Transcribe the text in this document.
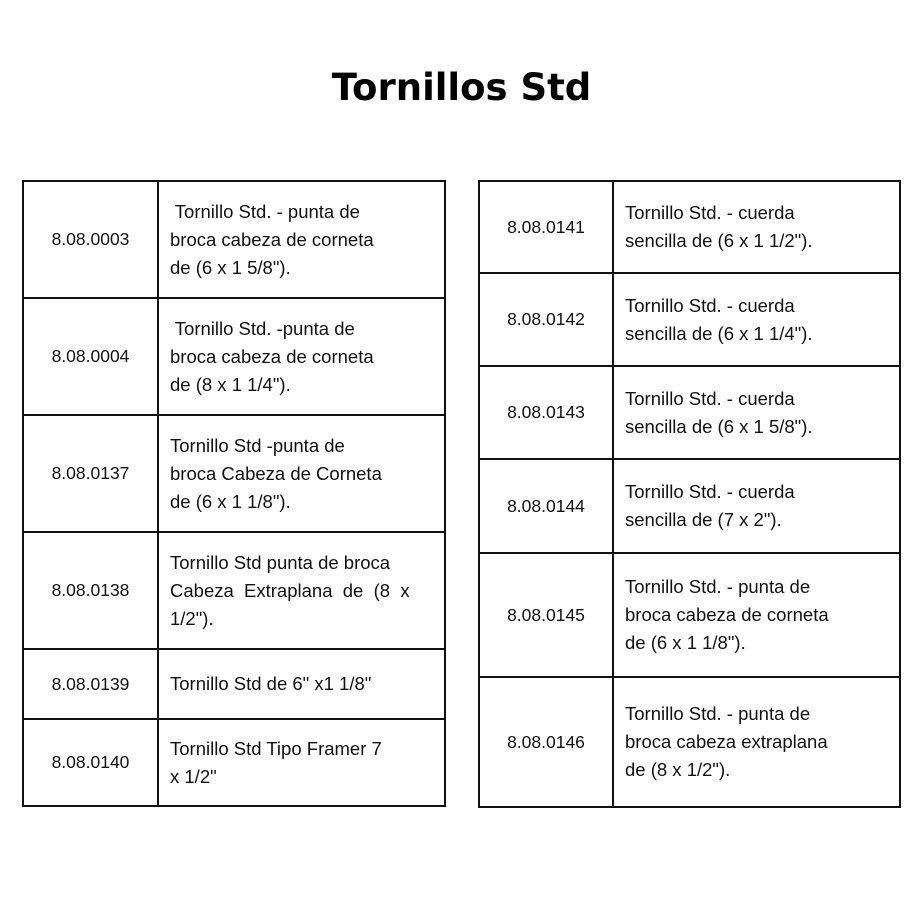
Tornillos Std
8.08.0003	Tornillo Std. - punta de
broca cabeza de corneta
de (6 x 1 5/8").

8.08.0004	Tornillo Std. -punta de
broca cabeza de corneta
de (8 x 1 1/4").

8.08.0137	Tornillo Std -punta de
broca Cabeza de Corneta
de (6 x 1 1/8").

8.08.0138	Tornillo Std punta de broca
Cabeza  Extraplana  de  (8  x
1/2").

8.08.0139	Tornillo Std de 6" x1 1/8"

8.08.0140	Tornillo Std Tipo Framer 7
x 1/2"
8.08.0141	Tornillo Std. - cuerda
sencilla de (6 x 1 1/2").

8.08.0142	Tornillo Std. - cuerda
sencilla de (6 x 1 1/4").

8.08.0143	Tornillo Std. - cuerda
sencilla de (6 x 1 5/8").

8.08.0144	Tornillo Std. - cuerda
sencilla de (7 x 2").

8.08.0145	Tornillo Std. - punta de
broca cabeza de corneta
de (6 x 1 1/8").

8.08.0146	Tornillo Std. - punta de
broca cabeza extraplana
de (8 x 1/2").
